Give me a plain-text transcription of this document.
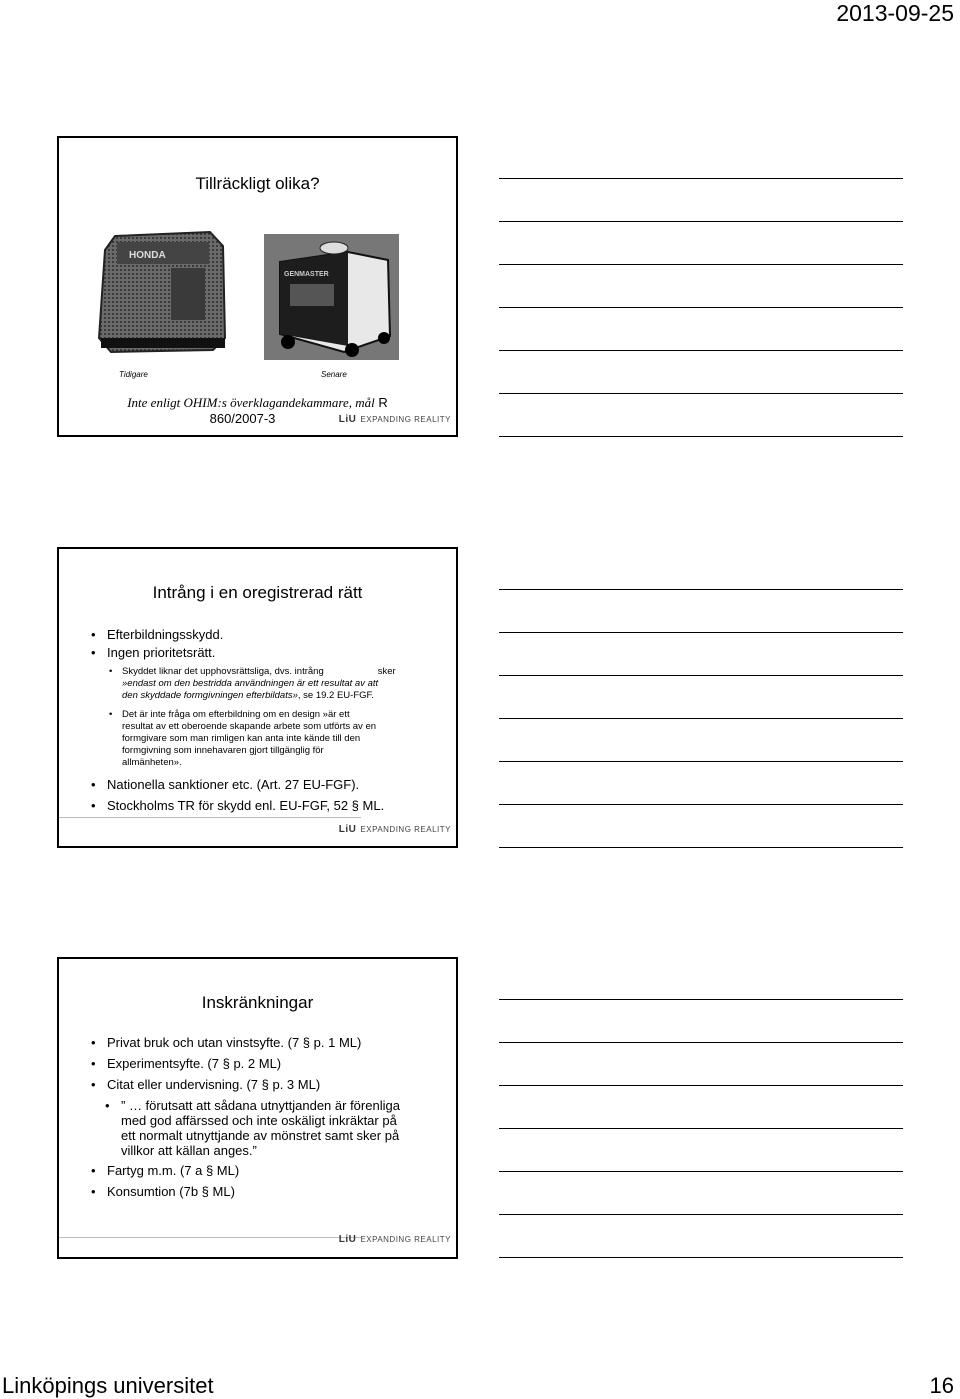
2013-09-25
Tillräckligt olika?
HONDA
GENMASTER
Tidigare	Senare
Inte enligt OHIM:s överklagandekammare, mål R
860/2007-3	LiU EXPANDING REALITY
Intrång i en oregistrerad rätt
• Efterbildningsskydd.
• Ingen prioritetsrätt.
• Skyddet liknar det upphovsrättsliga, dvs. intrång	sker
»endast om den bestridda användningen är ett resultat av att
den skyddade formgivningen efterbildats», se 19.2 EU-FGF.
• Det är inte fråga om efterbildning om en design »är ett
resultat av ett oberoende skapande arbete som utförts av en
formgivare som man rimligen kan anta inte kände till den
formgivning som innehavaren gjort tillgänglig för
allmänheten».
• Nationella sanktioner etc. (Art. 27 EU-FGF).
• Stockholms TR för skydd enl. EU-FGF, 52 § ML.
LiU EXPANDING REALITY
Inskränkningar
• Privat bruk och utan vinstsyfte. (7 § p. 1 ML)
• Experimentsyfte. (7 § p. 2 ML)
• Citat eller undervisning. (7 § p. 3 ML)
• ” … förutsatt att sådana utnyttjanden är förenliga
med god affärssed och inte oskäligt inkräktar på
ett normalt utnyttjande av mönstret samt sker på
villkor att källan anges.”
• Fartyg m.m. (7 a § ML)
• Konsumtion (7b § ML)
LiU EXPANDING REALITY
Linköpings universitet	16
